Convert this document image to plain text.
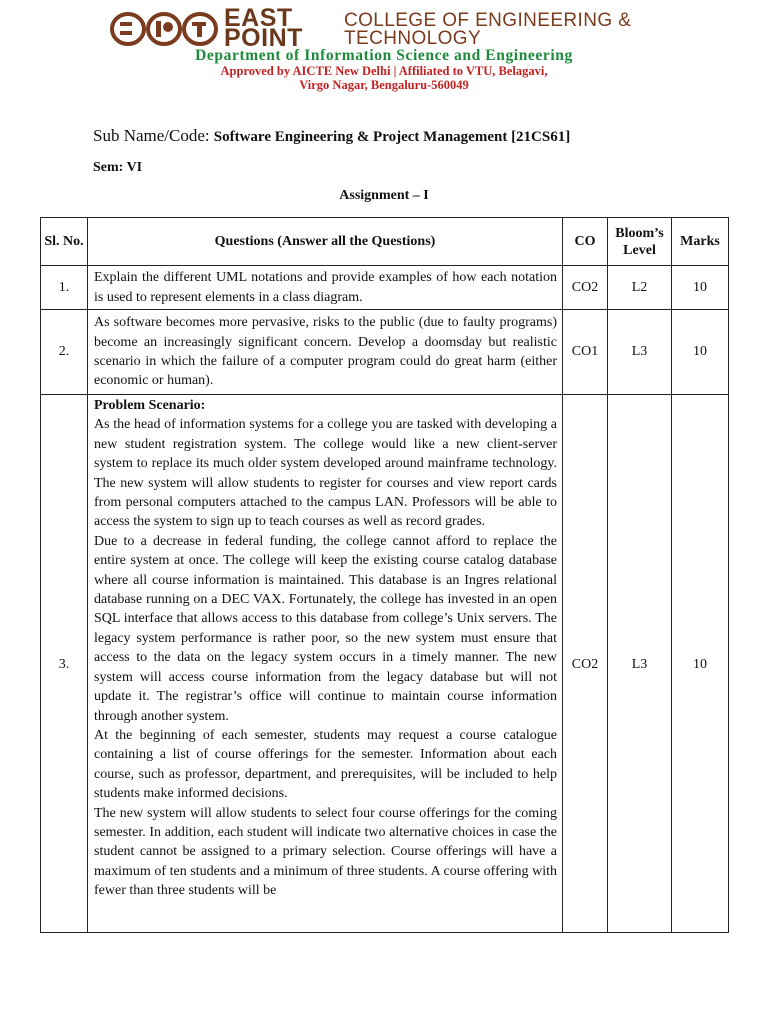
EAST
POINT
COLLEGE OF ENGINEERING &
TECHNOLOGY
Department of Information Science and Engineering
Approved by AICTE New Delhi | Affiliated to VTU, Belagavi,
Virgo Nagar, Bengaluru-560049
Sub Name/Code: Software Engineering & Project Management [21CS61]
Sem: VI
Assignment – I
Sl. No.	Questions (Answer all the Questions)	CO	Bloom’s Level	Marks
1.	Explain the different UML notations and provide examples of how each notation is used to represent elements in a class diagram.	CO2	L2	10
2.	As software becomes more pervasive, risks to the public (due to faulty programs) become an increasingly significant concern. Develop a doomsday but realistic scenario in which the failure of a computer program could do great harm (either economic or human).	CO1	L3	10
3.	Problem Scenario:

As the head of information systems for a college you are tasked with developing a new student registration system. The college would like a new client-server system to replace its much older system developed around mainframe technology. The new system will allow students to register for courses and view report cards from personal computers attached to the campus LAN. Professors will be able to access the system to sign up to teach courses as well as record grades.

Due to a decrease in federal funding, the college cannot afford to replace the entire system at once. The college will keep the existing course catalog database where all course information is maintained. This database is an Ingres relational database running on a DEC VAX. Fortunately, the college has invested in an open SQL interface that allows access to this database from college’s Unix servers. The legacy system performance is rather poor, so the new system must ensure that access to the data on the legacy system occurs in a timely manner. The new system will access course information from the legacy database but will not update it. The registrar’s office will continue to maintain course information through another system.

At the beginning of each semester, students may request a course catalogue containing a list of course offerings for the semester. Information about each course, such as professor, department, and prerequisites, will be included to help students make informed decisions.

The new system will allow students to select four course offerings for the coming semester. In addition, each student will indicate two alternative choices in case the student cannot be assigned to a primary selection. Course offerings will have a maximum of ten students and a minimum of three students. A course offering with fewer than three students will be	CO2	L3	10
